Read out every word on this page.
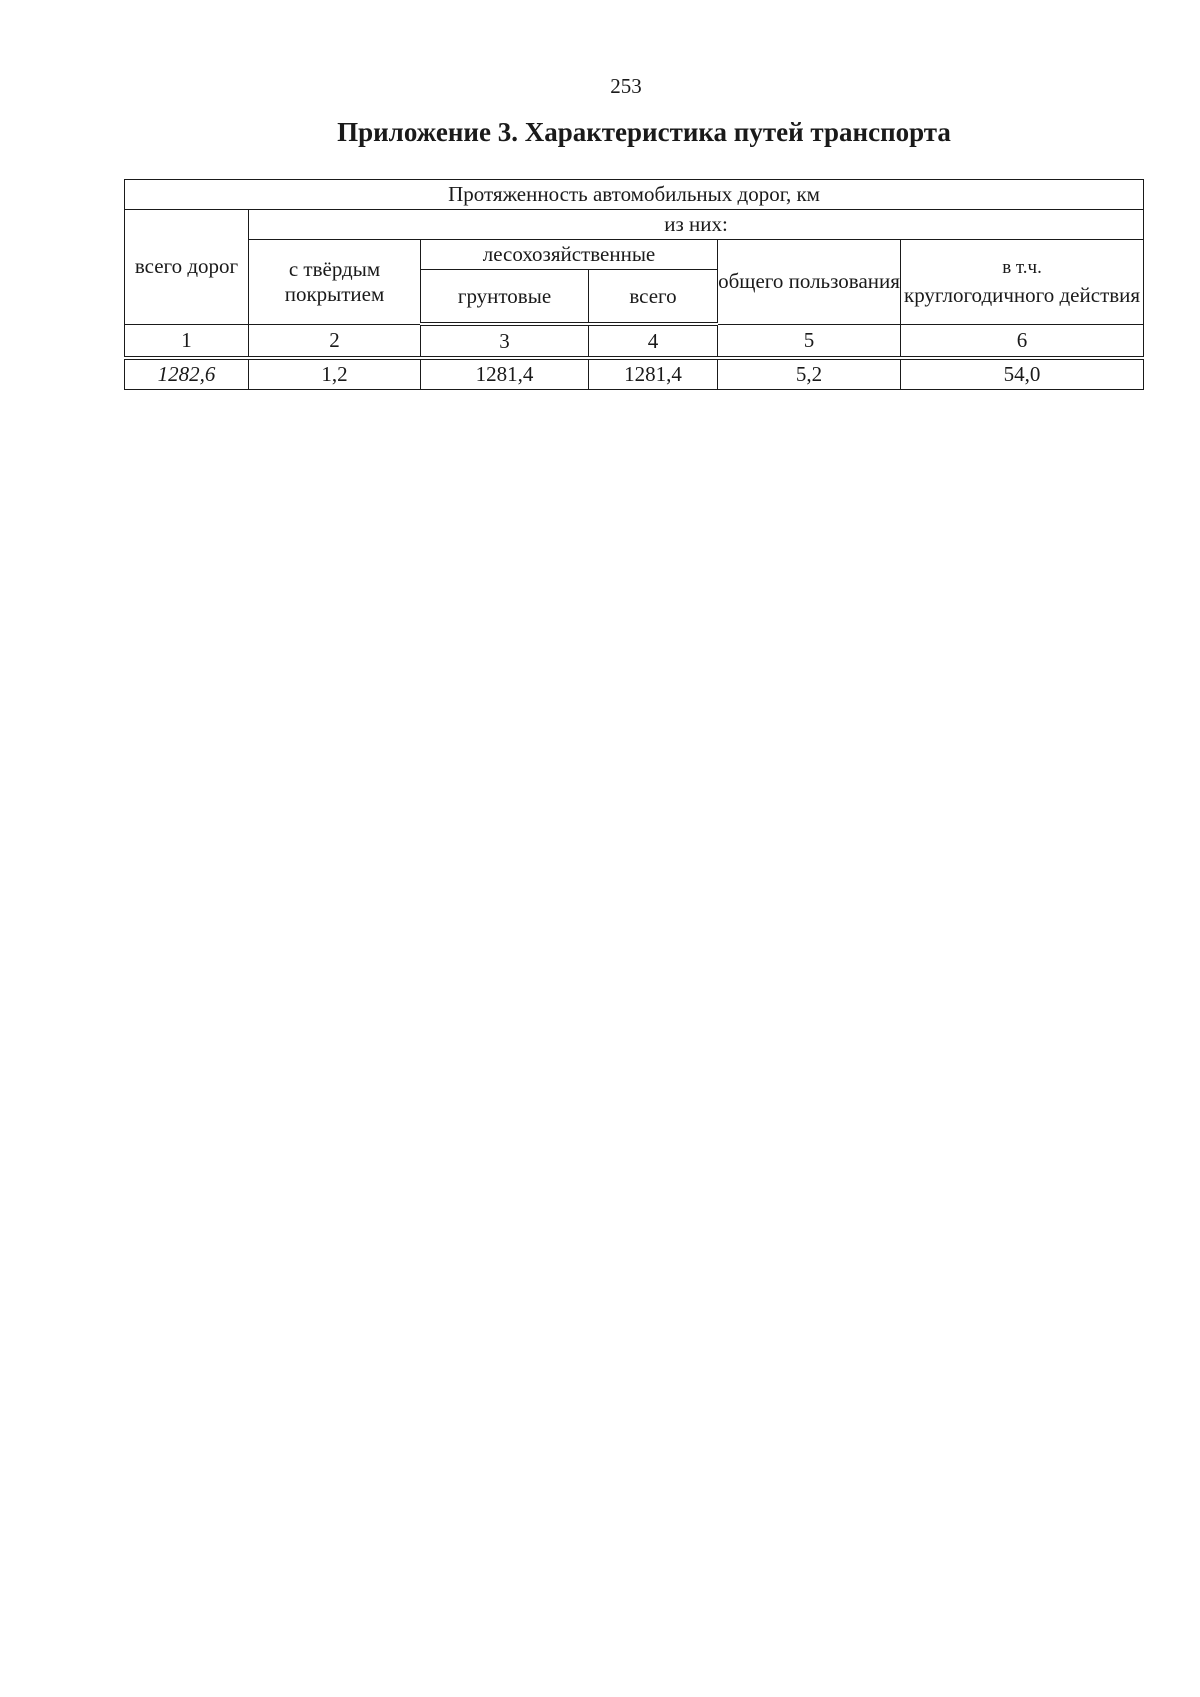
253
Приложение 3. Характеристика путей транспорта
Протяженность автомобильных дорог, км					
всего дорог	из них:				
	с твёрдым покрытием	лесохозяйственные		общего пользования	в т.ч.
круглогодичного действия

		грунтовые	всего		
1	2	3	4	5	6
1282,6	1,2	1281,4	1281,4	5,2	54,0
